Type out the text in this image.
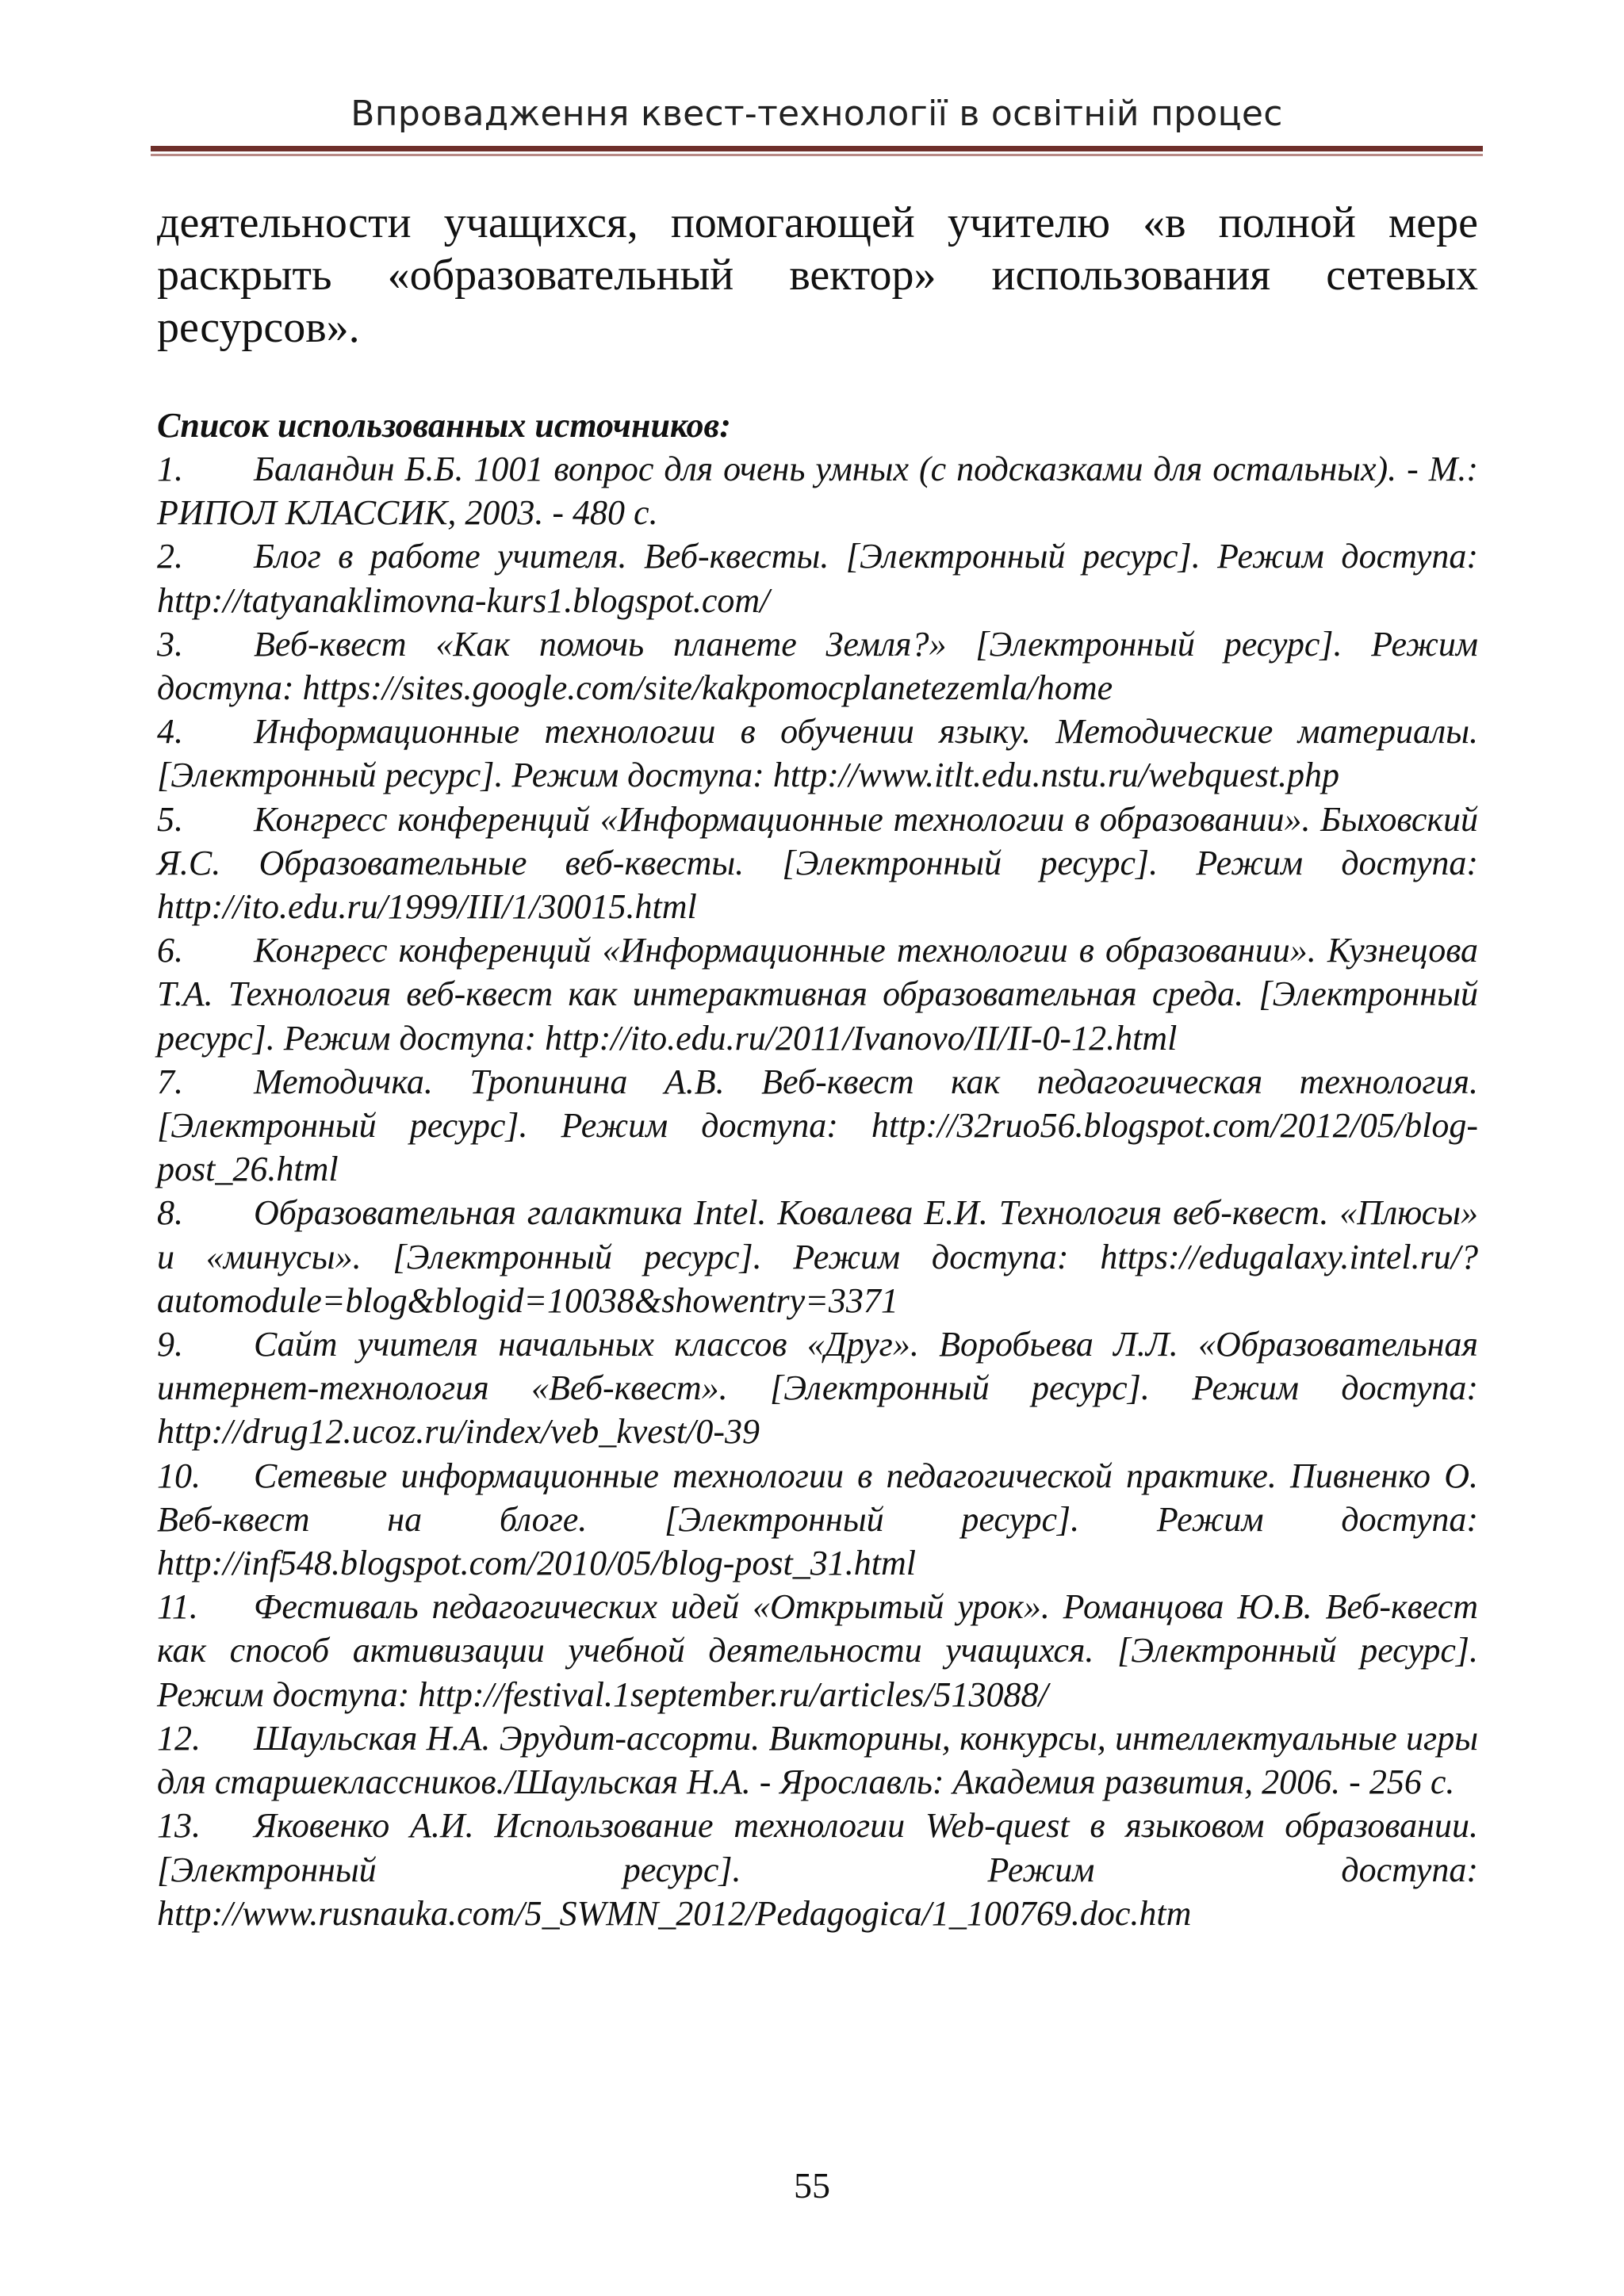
Впровадження квест-технології в освітній процес

деятельности учащихся, помогающей учителю «в полной мере раскрыть «образовательный вектор» использования сетевых ресурсов».

Список использованных источников:
1. Баландин Б.Б. 1001 вопрос для очень умных (с подсказками для остальных). - М.: РИПОЛ КЛАССИК, 2003. - 480 с.
2. Блог в работе учителя. Веб-квесты. [Электронный ресурс]. Режим доступа: http://tatyanaklimovna-kurs1.blogspot.com/
3. Веб-квест «Как помочь планете Земля?» [Электронный ресурс]. Режим доступа: https://sites.google.com/site/kakpomocplanetezemla/home
4. Информационные технологии в обучении языку. Методические материалы. [Электронный ресурс]. Режим доступа: http://www.itlt.edu.nstu.ru/webquest.php
5. Конгресс конференций «Информационные технологии в образовании». Быховский Я.С. Образовательные веб-квесты. [Электронный ресурс]. Режим доступа: http://ito.edu.ru/1999/III/1/30015.html
6. Конгресс конференций «Информационные технологии в образовании». Кузнецова Т.А. Технология веб-квест как интерактивная образовательная среда. [Электронный ресурс]. Режим доступа: http://ito.edu.ru/2011/Ivanovo/II/II-0-12.html
7. Методичка. Тропинина А.В. Веб-квест как педагогическая технология. [Электронный ресурс]. Режим доступа: http://32ruo56.blogspot.com/2012/05/blog-post_26.html
8. Образовательная галактика Intel. Ковалева Е.И. Технология веб-квест. «Плюсы» и «минусы». [Электронный ресурс]. Режим доступа: https://edugalaxy.intel.ru/?automodule=blog&blogid=10038&showentry=3371
9. Сайт учителя начальных классов «Друг». Воробьева Л.Л. «Образовательная интернет-технология «Веб-квест». [Электронный ресурс]. Режим доступа: http://drug12.ucoz.ru/index/veb_kvest/0-39
10. Сетевые информационные технологии в педагогической практике. Пивненко О. Веб-квест на блоге. [Электронный ресурс]. Режим доступа: http://inf548.blogspot.com/2010/05/blog-post_31.html
11. Фестиваль педагогических идей «Открытый урок». Романцова Ю.В. Веб-квест как способ активизации учебной деятельности учащихся. [Электронный ресурс]. Режим доступа: http://festival.1september.ru/articles/513088/
12. Шаульская Н.А. Эрудит-ассорти. Викторины, конкурсы, интеллектуальные игры для старшеклассников./Шаульская Н.А. - Ярославль: Академия развития, 2006. - 256 с.
13. Яковенко А.И. Использование технологии Web-quest в языковом образовании. [Электронный ресурс]. Режим доступа: http://www.rusnauka.com/5_SWMN_2012/Pedagogica/1_100769.doc.htm
55
